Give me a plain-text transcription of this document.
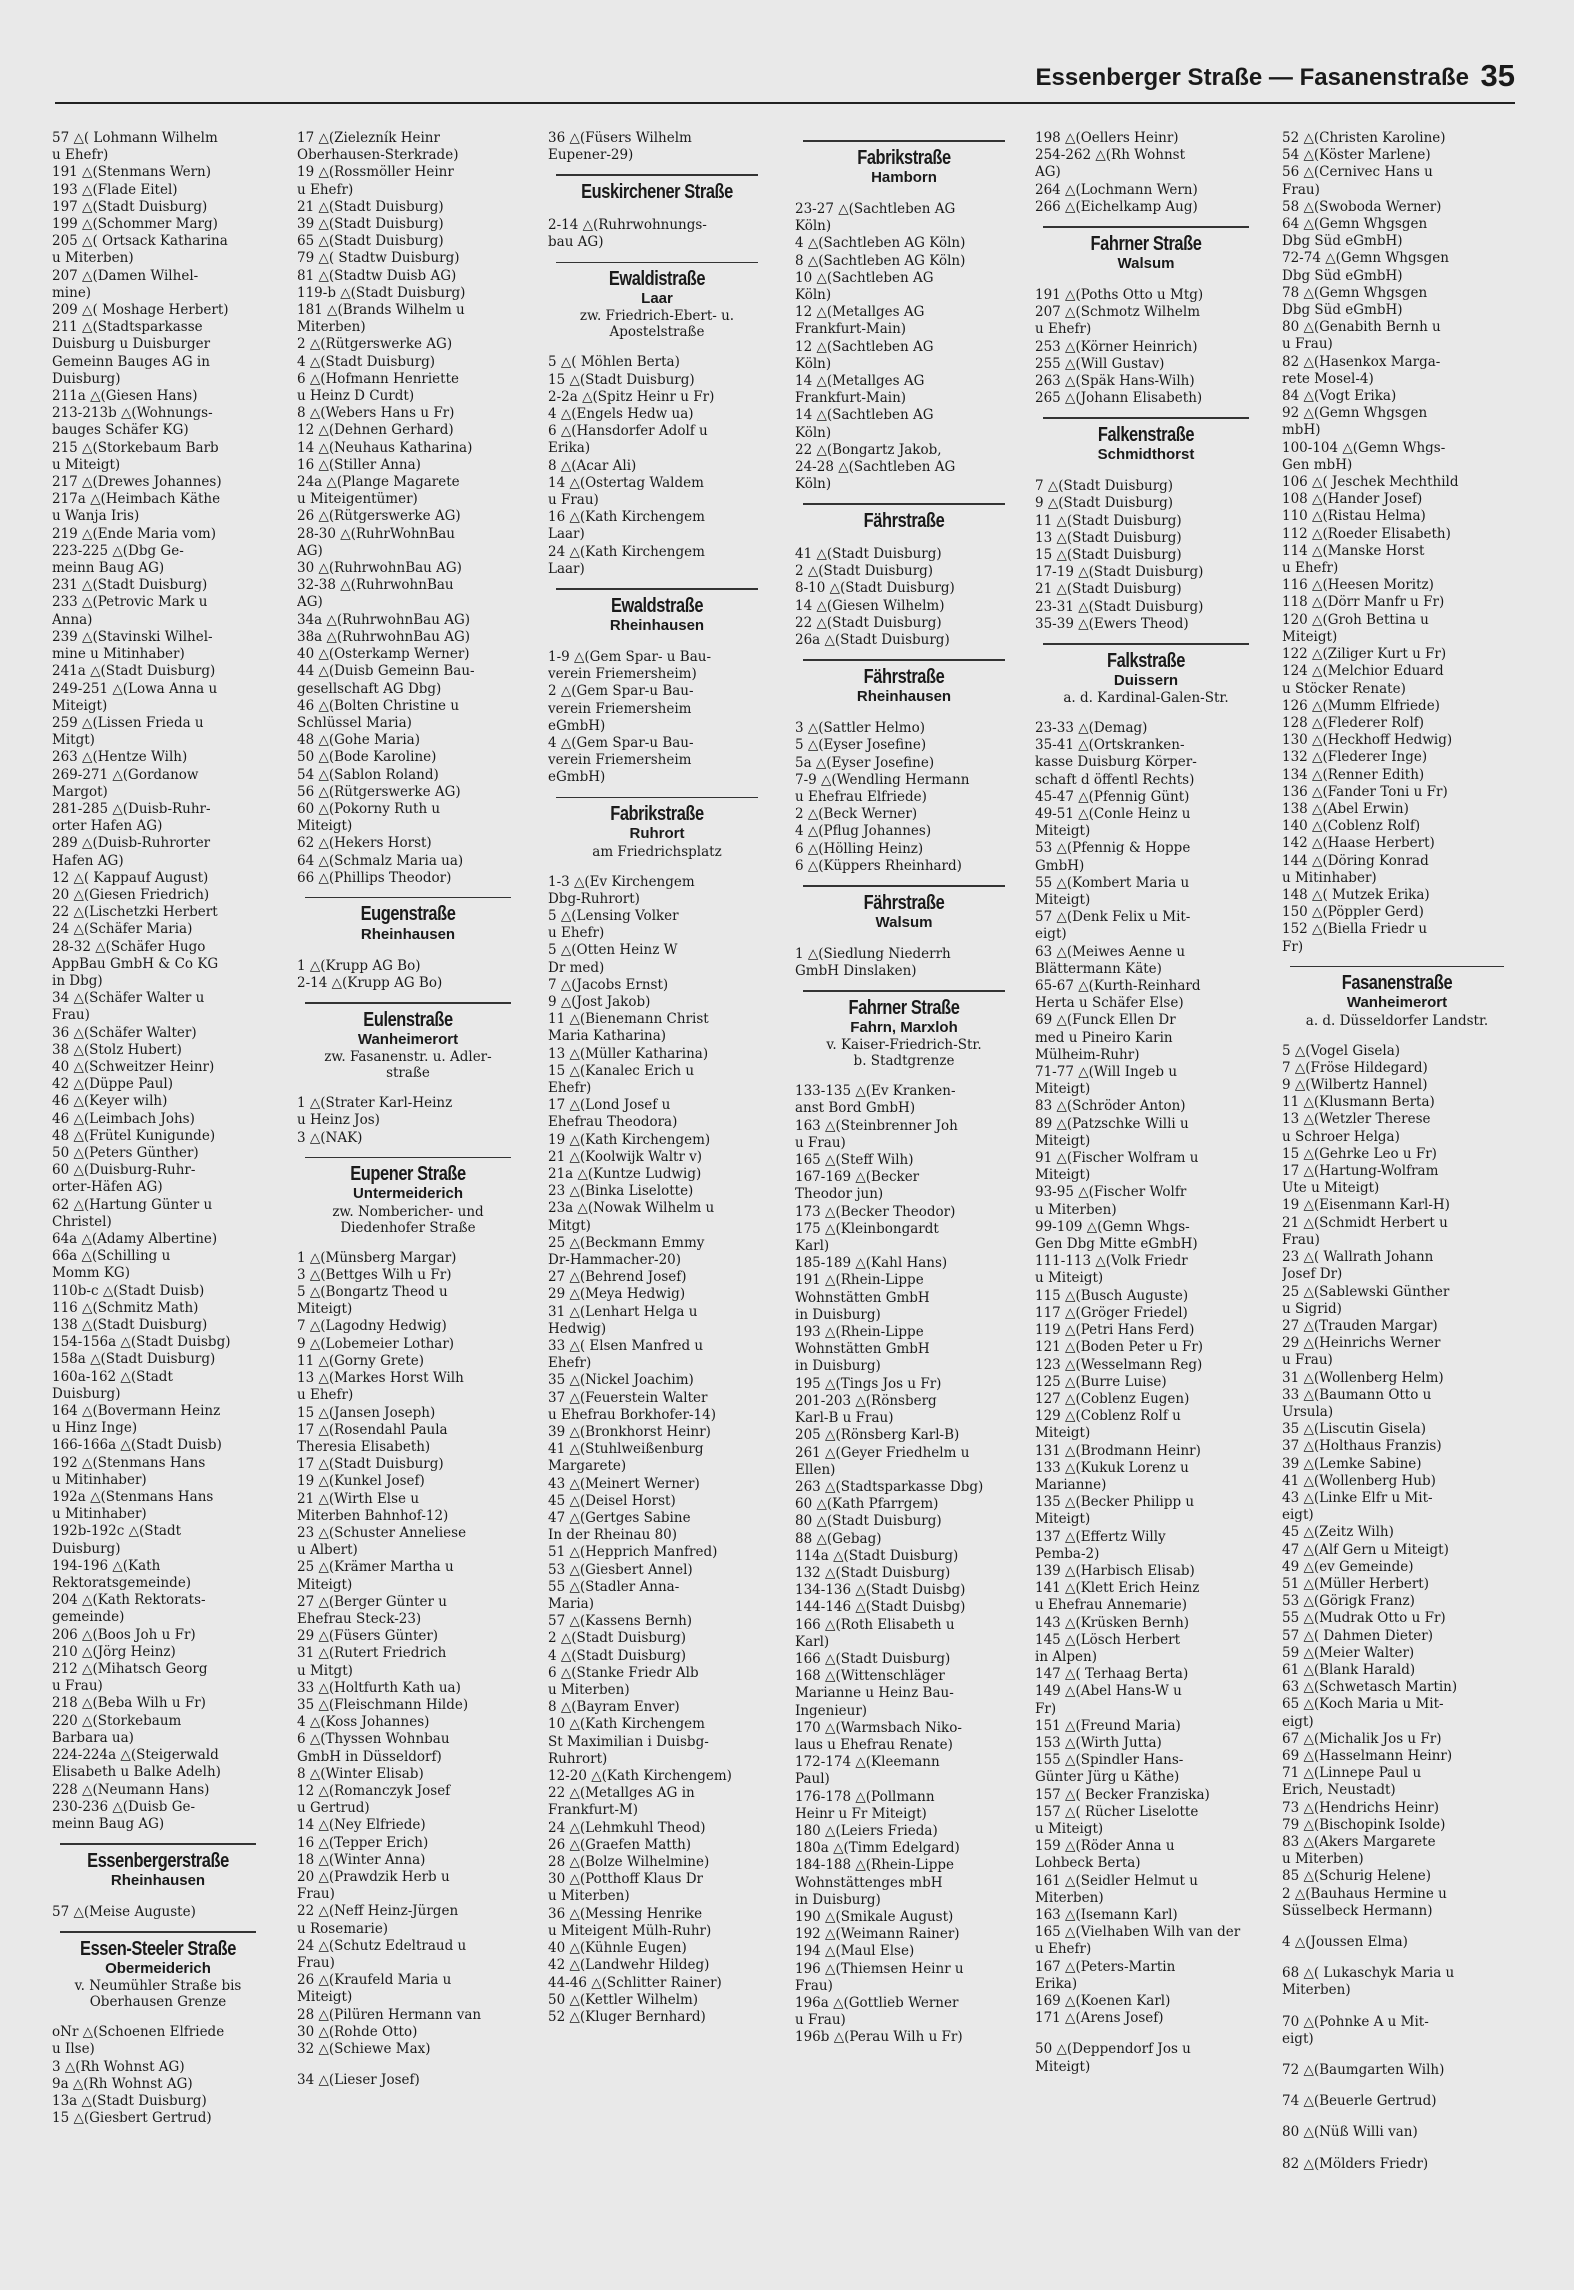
Essenberger Straße — Fasanenstraße 35
57 △( Lohmann Wilhelm
u Ehefr)
191 △(Stenmans Wern)
193 △(Flade Eitel)
197 △(Stadt Duisburg)
199 △(Schommer Marg)
205 △( Ortsack Katharina
u Miterben)
207 △(Damen Wilhel-
mine)
209 △( Moshage Herbert)
211 △(Stadtsparkasse
Duisburg u Duisburger
Gemeinn Bauges AG in
Duisburg)
211a △(Giesen Hans)
213-213b △(Wohnungs-
bauges Schäfer KG)
215 △(Storkebaum Barb
u Miteigt)
217 △(Drewes Johannes)
217a △(Heimbach Käthe
u Wanja Iris)
219 △(Ende Maria vom)
223-225 △(Dbg Ge-
meinn Baug AG)
231 △(Stadt Duisburg)
233 △(Petrovic Mark u
Anna)
239 △(Stavinski Wilhel-
mine u Mitinhaber)
241a △(Stadt Duisburg)
249-251 △(Lowa Anna u
Miteigt)
259 △(Lissen Frieda u
Mitgt)
263 △(Hentze Wilh)
269-271 △(Gordanow
Margot)
281-285 △(Duisb-Ruhr-
orter Hafen AG)
289 △(Duisb-Ruhrorter
Hafen AG)
12 △( Kappauf August)
20 △(Giesen Friedrich)
22 △(Lischetzki Herbert
24 △(Schäfer Maria)
28-32 △(Schäfer Hugo
AppBau GmbH & Co KG
in Dbg)
34 △(Schäfer Walter u
Frau)
36 △(Schäfer Walter)
38 △(Stolz Hubert)
40 △(Schweitzer Heinr)
42 △(Düppe Paul)
46 △(Keyer wilh)
46 △(Leimbach Johs)
48 △(Frütel Kunigunde)
50 △(Peters Günther)
60 △(Duisburg-Ruhr-
orter-Häfen AG)
62 △(Hartung Günter u
Christel)
64a △(Adamy Albertine)
66a △(Schilling u
Momm KG)
110b-c △(Stadt Duisb)
116 △(Schmitz Math)
138 △(Stadt Duisburg)
154-156a △(Stadt Duisbg)
158a △(Stadt Duisburg)
160a-162 △(Stadt
Duisburg)
164 △(Bovermann Heinz
u Hinz Inge)
166-166a △(Stadt Duisb)
192 △(Stenmans Hans
u Mitinhaber)
192a △(Stenmans Hans
u Mitinhaber)
192b-192c △(Stadt
Duisburg)
194-196 △(Kath
Rektoratsgemeinde)
204 △(Kath Rektorats-
gemeinde)
206 △(Boos Joh u Fr)
210 △(Jörg Heinz)
212 △(Mihatsch Georg
u Frau)
218 △(Beba Wilh u Fr)
220 △(Storkebaum
Barbara ua)
224-224a △(Steigerwald
Elisabeth u Balke Adelh)
228 △(Neumann Hans)
230-236 △(Duisb Ge-
meinn Baug AG)
Essenbergerstraße
Rheinhausen
57 △(Meise Auguste)
Essen-Steeler Straße
Obermeiderich
v. Neumühler Straße bis
Oberhausen Grenze
oNr △(Schoenen Elfriede
u Ilse)
3 △(Rh Wohnst AG)
9a △(Rh Wohnst AG)
13a △(Stadt Duisburg)
15 △(Giesbert Gertrud)
17 △(Zielezník Heinr
Oberhausen-Sterkrade)
19 △(Rossmöller Heinr
u Ehefr)
21 △(Stadt Duisburg)
39 △(Stadt Duisburg)
65 △(Stadt Duisburg)
79 △( Stadtw Duisburg)
81 △(Stadtw Duisb AG)
119-b △(Stadt Duisburg)
181 △(Brands Wilhelm u
Miterben)
2 △(Rütgerswerke AG)
4 △(Stadt Duisburg)
6 △(Hofmann Henriette
u Heinz D Curdt)
8 △(Webers Hans u Fr)
12 △(Dehnen Gerhard)
14 △(Neuhaus Katharina)
16 △(Stiller Anna)
24a △(Plange Magarete
u Miteigentümer)
26 △(Rütgerswerke AG)
28-30 △(RuhrWohnBau
AG)
30 △(RuhrwohnBau AG)
32-38 △(RuhrwohnBau
AG)
34a △(RuhrwohnBau AG)
38a △(RuhrwohnBau AG)
40 △(Osterkamp Werner)
44 △(Duisb Gemeinn Bau-
gesellschaft AG Dbg)
46 △(Bolten Christine u
Schlüssel Maria)
48 △(Gohe Maria)
50 △(Bode Karoline)
54 △(Sablon Roland)
56 △(Rütgerswerke AG)
60 △(Pokorny Ruth u
Miteigt)
62 △(Hekers Horst)
64 △(Schmalz Maria ua)
66 △(Phillips Theodor)
Eugenstraße
Rheinhausen
1 △(Krupp AG Bo)
2-14 △(Krupp AG Bo)
Eulenstraße
Wanheimerort
zw. Fasanenstr. u. Adler-
straße
1 △(Strater Karl-Heinz
u Heinz Jos)
3 △(NAK)
Eupener Straße
Untermeiderich
zw. Nombericher- und
Diedenhofer Straße
1 △(Münsberg Margar)
3 △(Bettges Wilh u Fr)
5 △(Bongartz Theod u
Miteigt)
7 △(Lagodny Hedwig)
9 △(Lobemeier Lothar)
11 △(Gorny Grete)
13 △(Markes Horst Wilh
u Ehefr)
15 △(Jansen Joseph)
17 △(Rosendahl Paula
Theresia Elisabeth)
17 △(Stadt Duisburg)
19 △(Kunkel Josef)
21 △(Wirth Else u
Miterben Bahnhof-12)
23 △(Schuster Anneliese
u Albert)
25 △(Krämer Martha u
Miteigt)
27 △(Berger Günter u
Ehefrau Steck-23)
29 △(Füsers Günter)
31 △(Rutert Friedrich
u Mitgt)
33 △(Holtfurth Kath ua)
35 △(Fleischmann Hilde)
4 △(Koss Johannes)
6 △(Thyssen Wohnbau
GmbH in Düsseldorf)
8 △(Winter Elisab)
12 △(Romanczyk Josef
u Gertrud)
14 △(Ney Elfriede)
16 △(Tepper Erich)
18 △(Winter Anna)
20 △(Prawdzik Herb u
Frau)
22 △(Neff Heinz-Jürgen
u Rosemarie)
24 △(Schutz Edeltraud u
Frau)
26 △(Kraufeld Maria u
Miteigt)
28 △(Pilüren Hermann van
30 △(Rohde Otto)
32 △(Schiewe Max)
34 △(Lieser Josef)
36 △(Füsers Wilhelm
Eupener-29)
Euskirchener Straße
2-14 △(Ruhrwohnungs-
bau AG)
Ewaldistraße
Laar
zw. Friedrich-Ebert- u.
Apostelstraße
5 △( Möhlen Berta)
15 △(Stadt Duisburg)
2-2a △(Spitz Heinr u Fr)
4 △(Engels Hedw ua)
6 △(Hansdorfer Adolf u
Erika)
8 △(Acar Ali)
14 △(Ostertag Waldem
u Frau)
16 △(Kath Kirchengem
Laar)
24 △(Kath Kirchengem
Laar)
Ewaldstraße
Rheinhausen
1-9 △(Gem Spar- u Bau-
verein Friemersheim)
2 △(Gem Spar-u Bau-
verein Friemersheim
eGmbH)
4 △(Gem Spar-u Bau-
verein Friemersheim
eGmbH)
Fabrikstraße
Ruhrort
am Friedrichsplatz
1-3 △(Ev Kirchengem
Dbg-Ruhrort)
5 △(Lensing Volker
u Ehefr)
5 △(Otten Heinz W
Dr med)
7 △(Jacobs Ernst)
9 △(Jost Jakob)
11 △(Bienemann Christ
Maria Katharina)
13 △(Müller Katharina)
15 △(Kanalec Erich u
Ehefr)
17 △(Lond Josef u
Ehefrau Theodora)
19 △(Kath Kirchengem)
21 △(Koolwijk Waltr v)
21a △(Kuntze Ludwig)
23 △(Binka Liselotte)
23a △(Nowak Wilhelm u
Mitgt)
25 △(Beckmann Emmy
Dr-Hammacher-20)
27 △(Behrend Josef)
29 △(Meya Hedwig)
31 △(Lenhart Helga u
Hedwig)
33 △( Elsen Manfred u
Ehefr)
35 △(Nickel Joachim)
37 △(Feuerstein Walter
u Ehefrau Borkhofer-14)
39 △(Bronkhorst Heinr)
41 △(Stuhlweißenburg
Margarete)
43 △(Meinert Werner)
45 △(Deisel Horst)
47 △(Gertges Sabine
In der Rheinau 80)
51 △(Hepprich Manfred)
53 △(Giesbert Annel)
55 △(Stadler Anna-
Maria)
57 △(Kassens Bernh)
2 △(Stadt Duisburg)
4 △(Stadt Duisburg)
6 △(Stanke Friedr Alb
u Miterben)
8 △(Bayram Enver)
10 △(Kath Kirchengem
St Maximilian i Duisbg-
Ruhrort)
12-20 △(Kath Kirchengem)
22 △(Metallges AG in
Frankfurt-M)
24 △(Lehmkuhl Theod)
26 △(Graefen Matth)
28 △(Bolze Wilhelmine)
30 △(Potthoff Klaus Dr
u Miterben)
36 △(Messing Henrike
u Miteigent Mülh-Ruhr)
40 △(Kühnle Eugen)
42 △(Landwehr Hildeg)
44-46 △(Schlitter Rainer)
50 △(Kettler Wilhelm)
52 △(Kluger Bernhard)
Fabrikstraße
Hamborn
23-27 △(Sachtleben AG
Köln)
4 △(Sachtleben AG Köln)
8 △(Sachtleben AG Köln)
10 △(Sachtleben AG
Köln)
12 △(Metallges AG
Frankfurt-Main)
12 △(Sachtleben AG
Köln)
14 △(Metallges AG
Frankfurt-Main)
14 △(Sachtleben AG
Köln)
22 △(Bongartz Jakob,
24-28 △(Sachtleben AG
Köln)
Fährstraße
41 △(Stadt Duisburg)
2 △(Stadt Duisburg)
8-10 △(Stadt Duisburg)
14 △(Giesen Wilhelm)
22 △(Stadt Duisburg)
26a △(Stadt Duisburg)
Fährstraße
Rheinhausen
3 △(Sattler Helmo)
5 △(Eyser Josefine)
5a △(Eyser Josefine)
7-9 △(Wendling Hermann
u Ehefrau Elfriede)
2 △(Beck Werner)
4 △(Pflug Johannes)
6 △(Hölling Heinz)
6 △(Küppers Rheinhard)
Fährstraße
Walsum
1 △(Siedlung Niederrh
GmbH Dinslaken)
Fahrner Straße
Fahrn, Marxloh
v. Kaiser-Friedrich-Str.
b. Stadtgrenze
133-135 △(Ev Kranken-
anst Bord GmbH)
163 △(Steinbrenner Joh
u Frau)
165 △(Steff Wilh)
167-169 △(Becker
Theodor jun)
173 △(Becker Theodor)
175 △(Kleinbongardt
Karl)
185-189 △(Kahl Hans)
191 △(Rhein-Lippe
Wohnstätten GmbH
in Duisburg)
193 △(Rhein-Lippe
Wohnstätten GmbH
in Duisburg)
195 △(Tings Jos u Fr)
201-203 △(Rönsberg
Karl-B u Frau)
205 △(Rönsberg Karl-B)
261 △(Geyer Friedhelm u
Ellen)
263 △(Stadtsparkasse Dbg)
60 △(Kath Pfarrgem)
80 △(Stadt Duisburg)
88 △(Gebag)
114a △(Stadt Duisburg)
132 △(Stadt Duisburg)
134-136 △(Stadt Duisbg)
144-146 △(Stadt Duisbg)
166 △(Roth Elisabeth u
Karl)
166 △(Stadt Duisburg)
168 △(Wittenschläger
Marianne u Heinz Bau-
Ingenieur)
170 △(Warmsbach Niko-
laus u Ehefrau Renate)
172-174 △(Kleemann
Paul)
176-178 △(Pollmann
Heinr u Fr Miteigt)
180 △(Leiers Frieda)
180a △(Timm Edelgard)
184-188 △(Rhein-Lippe
Wohnstättenges mbH
in Duisburg)
190 △(Smikale August)
192 △(Weimann Rainer)
194 △(Maul Else)
196 △(Thiemsen Heinr u
Frau)
196a △(Gottlieb Werner
u Frau)
196b △(Perau Wilh u Fr)
198 △(Oellers Heinr)
254-262 △(Rh Wohnst
AG)
264 △(Lochmann Wern)
266 △(Eichelkamp Aug)
Fahrner Straße
Walsum
191 △(Poths Otto u Mtg)
207 △(Schmotz Wilhelm
u Ehefr)
253 △(Körner Heinrich)
255 △(Will Gustav)
263 △(Späk Hans-Wilh)
265 △(Johann Elisabeth)
Falkenstraße
Schmidthorst
7 △(Stadt Duisburg)
9 △(Stadt Duisburg)
11 △(Stadt Duisburg)
13 △(Stadt Duisburg)
15 △(Stadt Duisburg)
17-19 △(Stadt Duisburg)
21 △(Stadt Duisburg)
23-31 △(Stadt Duisburg)
35-39 △(Ewers Theod)
Falkstraße
Duissern
a. d. Kardinal-Galen-Str.
23-33 △(Demag)
35-41 △(Ortskranken-
kasse Duisburg Körper-
schaft d öffentl Rechts)
45-47 △(Pfennig Günt)
49-51 △(Conle Heinz u
Miteigt)
53 △(Pfennig & Hoppe
GmbH)
55 △(Kombert Maria u
Miteigt)
57 △(Denk Felix u Mit-
eigt)
63 △(Meiwes Aenne u
Blättermann Käte)
65-67 △(Kurth-Reinhard
Herta u Schäfer Else)
69 △(Funck Ellen Dr
med u Pineiro Karin
Mülheim-Ruhr)
71-77 △(Will Ingeb u
Miteigt)
83 △(Schröder Anton)
89 △(Patzschke Willi u
Miteigt)
91 △(Fischer Wolfram u
Miteigt)
93-95 △(Fischer Wolfr
u Miterben)
99-109 △(Gemn Whgs-
Gen Dbg Mitte eGmbH)
111-113 △(Volk Friedr
u Miteigt)
115 △(Busch Auguste)
117 △(Gröger Friedel)
119 △(Petri Hans Ferd)
121 △(Boden Peter u Fr)
123 △(Wesselmann Reg)
125 △(Burre Luise)
127 △(Coblenz Eugen)
129 △(Coblenz Rolf u
Miteigt)
131 △(Brodmann Heinr)
133 △(Kukuk Lorenz u
Marianne)
135 △(Becker Philipp u
Miteigt)
137 △(Effertz Willy
Pemba-2)
139 △(Harbisch Elisab)
141 △(Klett Erich Heinz
u Ehefrau Annemarie)
143 △(Krüsken Bernh)
145 △(Lösch Herbert
in Alpen)
147 △( Terhaag Berta)
149 △(Abel Hans-W u
Fr)
151 △(Freund Maria)
153 △(Wirth Jutta)
155 △(Spindler Hans-
Günter Jürg u Käthe)
157 △( Becker Franziska)
157 △( Rücher Liselotte
u Miteigt)
159 △(Röder Anna u
Lohbeck Berta)
161 △(Seidler Helmut u
Miterben)
163 △(Isemann Karl)
165 △(Vielhaben Wilh van der
u Ehefr)
167 △(Peters-Martin
Erika)
169 △(Koenen Karl)
171 △(Arens Josef)
50 △(Deppendorf Jos u
Miteigt)
52 △(Christen Karoline)
54 △(Köster Marlene)
56 △(Cernivec Hans u
Frau)
58 △(Swoboda Werner)
64 △(Gemn Whgsgen
Dbg Süd eGmbH)
72-74 △(Gemn Whgsgen
Dbg Süd eGmbH)
78 △(Gemn Whgsgen
Dbg Süd eGmbH)
80 △(Genabith Bernh u
u Frau)
82 △(Hasenkox Marga-
rete Mosel-4)
84 △(Vogt Erika)
92 △(Gemn Whgsgen
mbH)
100-104 △(Gemn Whgs-
Gen mbH)
106 △( Jeschek Mechthild
108 △(Hander Josef)
110 △(Ristau Helma)
112 △(Roeder Elisabeth)
114 △(Manske Horst
u Ehefr)
116 △(Heesen Moritz)
118 △(Dörr Manfr u Fr)
120 △(Groh Bettina u
Miteigt)
122 △(Ziliger Kurt u Fr)
124 △(Melchior Eduard
u Stöcker Renate)
126 △(Mumm Elfriede)
128 △(Flederer Rolf)
130 △(Heckhoff Hedwig)
132 △(Flederer Inge)
134 △(Renner Edith)
136 △(Fander Toni u Fr)
138 △(Abel Erwin)
140 △(Coblenz Rolf)
142 △(Haase Herbert)
144 △(Döring Konrad
u Mitinhaber)
148 △( Mutzek Erika)
150 △(Pöppler Gerd)
152 △(Biella Friedr u
Fr)
Fasanenstraße
Wanheimerort
a. d. Düsseldorfer Landstr.
5 △(Vogel Gisela)
7 △(Fröse Hildegard)
9 △(Wilbertz Hannel)
11 △(Klusmann Berta)
13 △(Wetzler Therese
u Schroer Helga)
15 △(Gehrke Leo u Fr)
17 △(Hartung-Wolfram
Ute u Miteigt)
19 △(Eisenmann Karl-H)
21 △(Schmidt Herbert u
Frau)
23 △( Wallrath Johann
Josef Dr)
25 △(Sablewski Günther
u Sigrid)
27 △(Trauden Margar)
29 △(Heinrichs Werner
u Frau)
31 △(Wollenberg Helm)
33 △(Baumann Otto u
Ursula)
35 △(Liscutin Gisela)
37 △(Holthaus Franzis)
39 △(Lemke Sabine)
41 △(Wollenberg Hub)
43 △(Linke Elfr u Mit-
eigt)
45 △(Zeitz Wilh)
47 △(Alf Gern u Miteigt)
49 △(ev Gemeinde)
51 △(Müller Herbert)
53 △(Görigk Franz)
55 △(Mudrak Otto u Fr)
57 △( Dahmen Dieter)
59 △(Meier Walter)
61 △(Blank Harald)
63 △(Schwetasch Martin)
65 △(Koch Maria u Mit-
eigt)
67 △(Michalik Jos u Fr)
69 △(Hasselmann Heinr)
71 △(Linnepe Paul u
Erich, Neustadt)
73 △(Hendrichs Heinr)
79 △(Bischopink Isolde)
83 △(Akers Margarete
u Miterben)
85 △(Schurig Helene)
2 △(Bauhaus Hermine u
Süsselbeck Hermann)
4 △(Joussen Elma)
68 △( Lukaschyk Maria u
Miterben)
70 △(Pohnke A u Mit-
eigt)
72 △(Baumgarten Wilh)
74 △(Beuerle Gertrud)
80 △(Nüß Willi van)
82 △(Mölders Friedr)
